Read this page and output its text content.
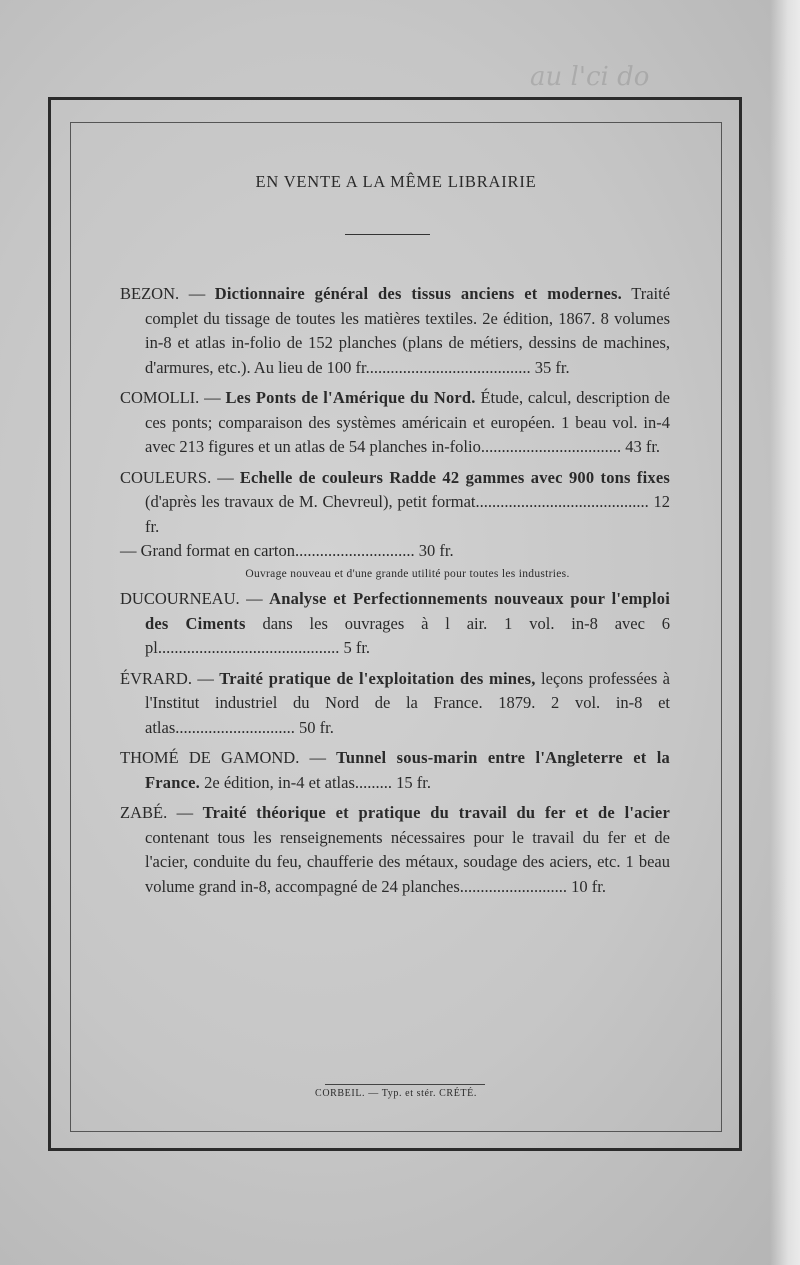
au l'ci do
EN VENTE A LA MÊME LIBRAIRIE
BEZON. — Dictionnaire général des tissus anciens et modernes. Traité complet du tissage de toutes les matières textiles. 2e édition, 1867. 8 volumes in-8 et atlas in-folio de 152 planches (plans de métiers, dessins de machines, d'armures, etc.). Au lieu de 100 fr........................................ 35 fr.
COMOLLI. — Les Ponts de l'Amérique du Nord. Étude, calcul, description de ces ponts; comparaison des systèmes américain et européen. 1 beau vol. in-4 avec 213 figures et un atlas de 54 planches in-folio.................................. 43 fr.
COULEURS. — Echelle de couleurs Radde 42 gammes avec 900 tons fixes (d'après les travaux de M. Chevreul), petit format.......................................... 12 fr.
— Grand format en carton............................. 30 fr.
Ouvrage nouveau et d'une grande utilité pour toutes les industries.
DUCOURNEAU. — Analyse et Perfectionnements nouveaux pour l'emploi des Ciments dans les ouvrages à l air. 1 vol. in-8 avec 6 pl............................................ 5 fr.
ÉVRARD. — Traité pratique de l'exploitation des mines, leçons professées à l'Institut industriel du Nord de la France. 1879. 2 vol. in-8 et atlas............................. 50 fr.
THOMÉ DE GAMOND. — Tunnel sous-marin entre l'Angleterre et la France. 2e édition, in-4 et atlas......... 15 fr.
ZABÉ. — Traité théorique et pratique du travail du fer et de l'acier contenant tous les renseignements nécessaires pour le travail du fer et de l'acier, conduite du feu, chaufferie des métaux, soudage des aciers, etc. 1 beau volume grand in-8, accompagné de 24 planches.......................... 10 fr.
CORBEIL. — Typ. et stér. CRÉTÉ.
